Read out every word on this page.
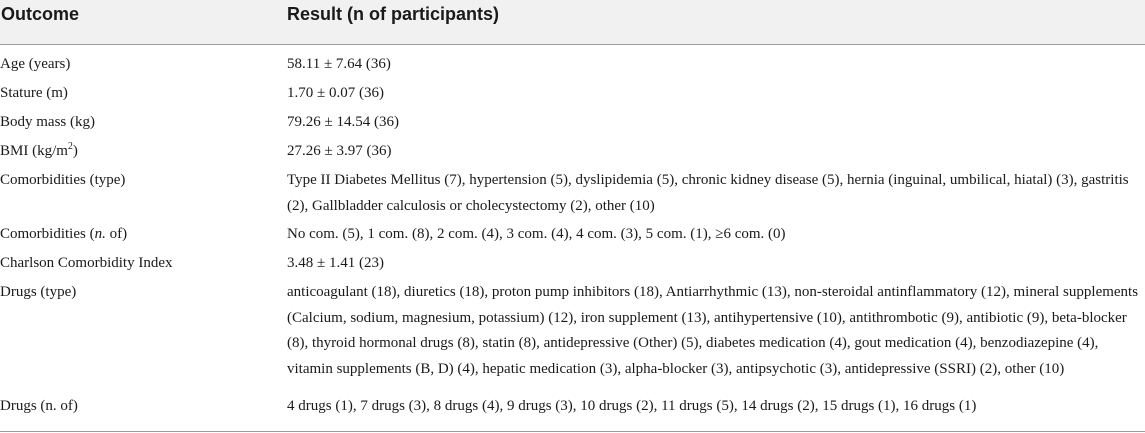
Outcome	Result (n of participants)
Age (years)	58.11 ± 7.64 (36)
Stature (m)	1.70 ± 0.07 (36)
Body mass (kg)	79.26 ± 14.54 (36)
BMI $(kg/m^2)$	27.26 ± 3.97 (36)
Comorbidities (type)	Type II Diabetes Mellitus (7), hypertension (5), dyslipidemia (5), chronic kidney disease (5), hernia (inguinal, umbilical, hiatal) (3), gastritis (2), Gallbladder calculosis or cholecystectomy (2), other (10)
Comorbidities (n. of)	No com. (5), 1 com. (8), 2 com. (4), 3 com. (4), 4 com. (3), 5 com. (1), ≥6 com. (0)
Charlson Comorbidity Index	3.48 ± 1.41 (23)
Drugs (type)	anticoagulant (18), diuretics (18), proton pump inhibitors (18), Antiarrhythmic (13), non-steroidal antinflammatory (12), mineral supplements (Calcium, sodium, magnesium, potassium) (12), iron supplement (13), antihypertensive (10), antithrombotic (9), antibiotic (9), beta-blocker (8), thyroid hormonal drugs (8), statin (8), antidepressive (Other) (5), diabetes medication (4), gout medication (4), benzodiazepine (4), vitamin supplements (B, D) (4), hepatic medication (3), alpha-blocker (3), antipsychotic (3), antidepressive (SSRI) (2), other (10)
Drugs (n. of)	4 drugs (1), 7 drugs (3), 8 drugs (4), 9 drugs (3), 10 drugs (2), 11 drugs (5), 14 drugs (2), 15 drugs (1), 16 drugs (1)
